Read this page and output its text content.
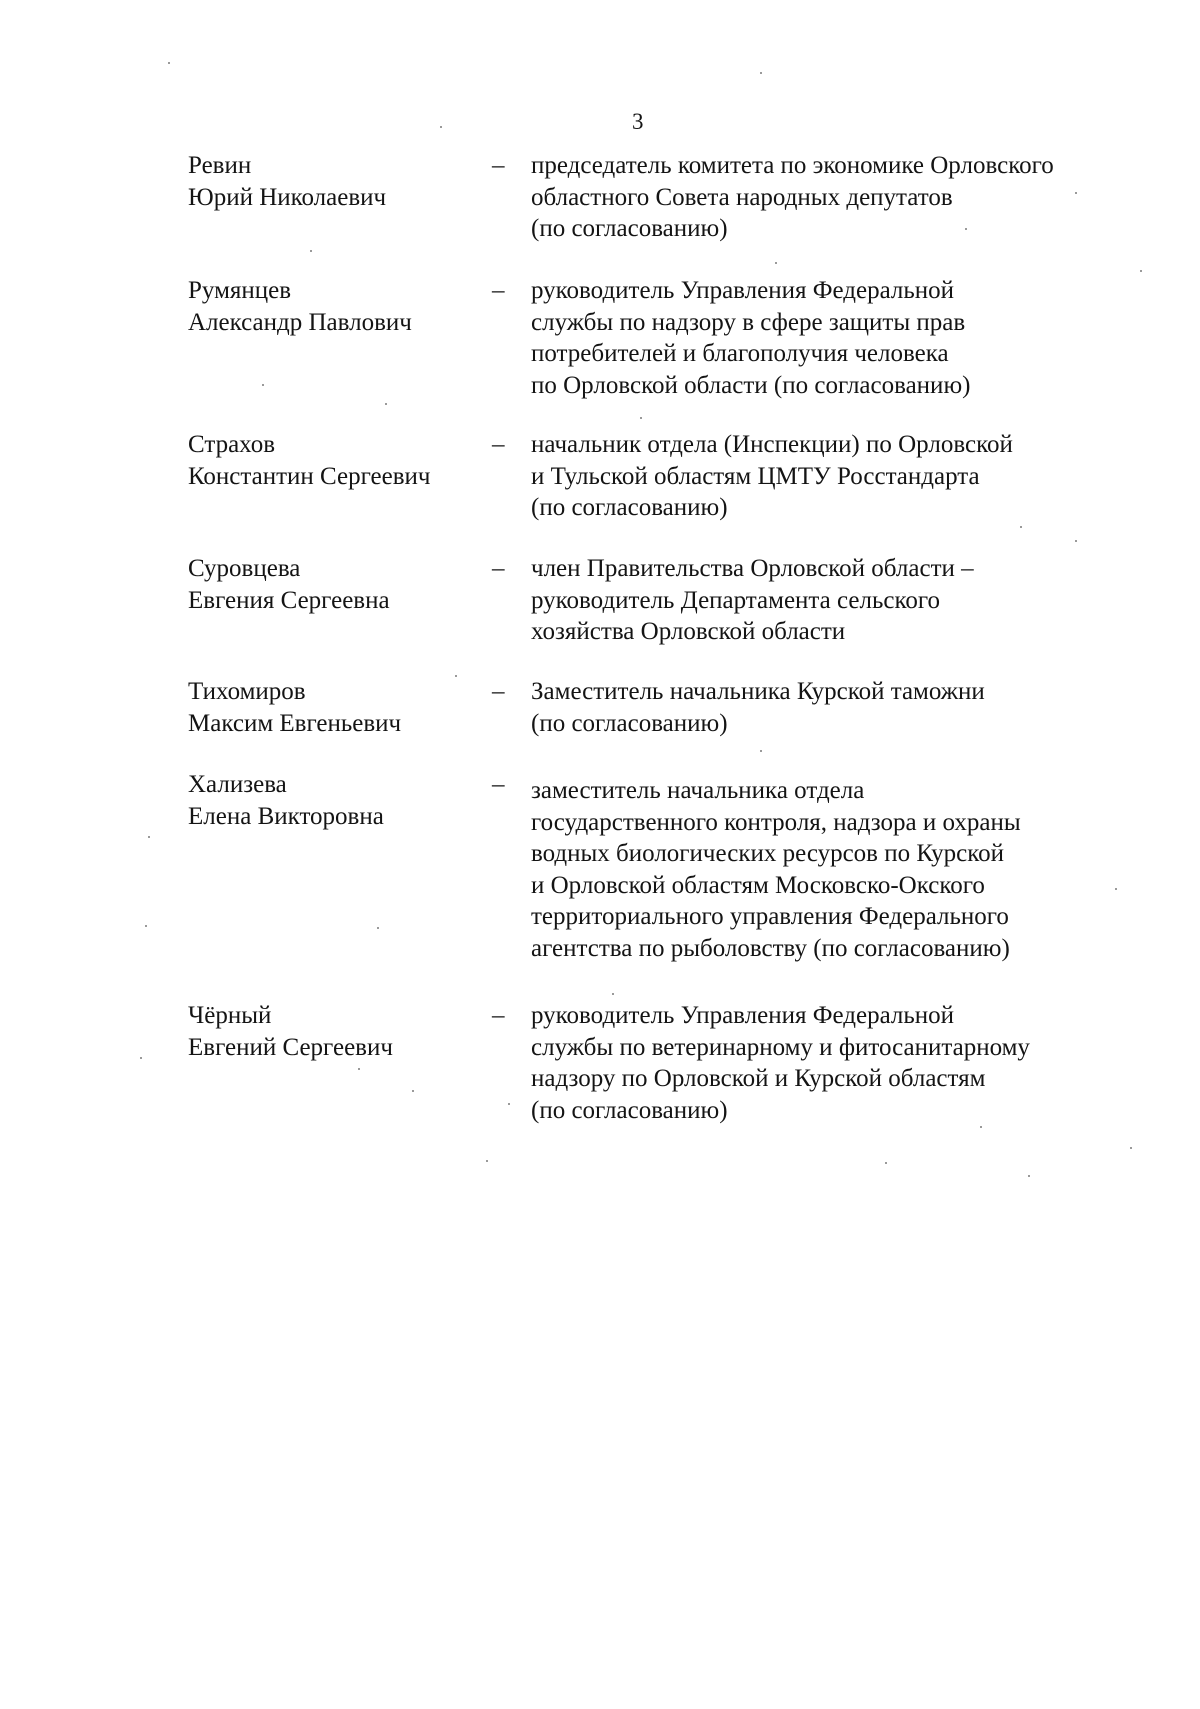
3
Ревин
Юрий Николаевич
–	председатель комитета по экономике Орловского
областного Совета народных депутатов
(по согласованию)
Румянцев
Александр Павлович
–	руководитель Управления Федеральной
службы по надзору в сфере защиты прав
потребителей и благополучия человека
по Орловской области (по согласованию)
Страхов
Константин Сергеевич
–	начальник отдела (Инспекции) по Орловской
и Тульской областям ЦМТУ Росстандарта
(по согласованию)
Суровцева
Евгения Сергеевна
–	член Правительства Орловской области –
руководитель Департамента сельского
хозяйства Орловской области
Тихомиров
Максим Евгеньевич
–	Заместитель начальника Курской таможни
(по согласованию)
Хализева
Елена Викторовна
–	заместитель начальника отдела
государственного контроля, надзора и охраны
водных биологических ресурсов по Курской
и Орловской областям Московско-Окского
территориального управления Федерального
агентства по рыболовству (по согласованию)
Чёрный
Евгений Сергеевич
–	руководитель Управления Федеральной
службы по ветеринарному и фитосанитарному
надзору по Орловской и Курской областям
(по согласованию)
